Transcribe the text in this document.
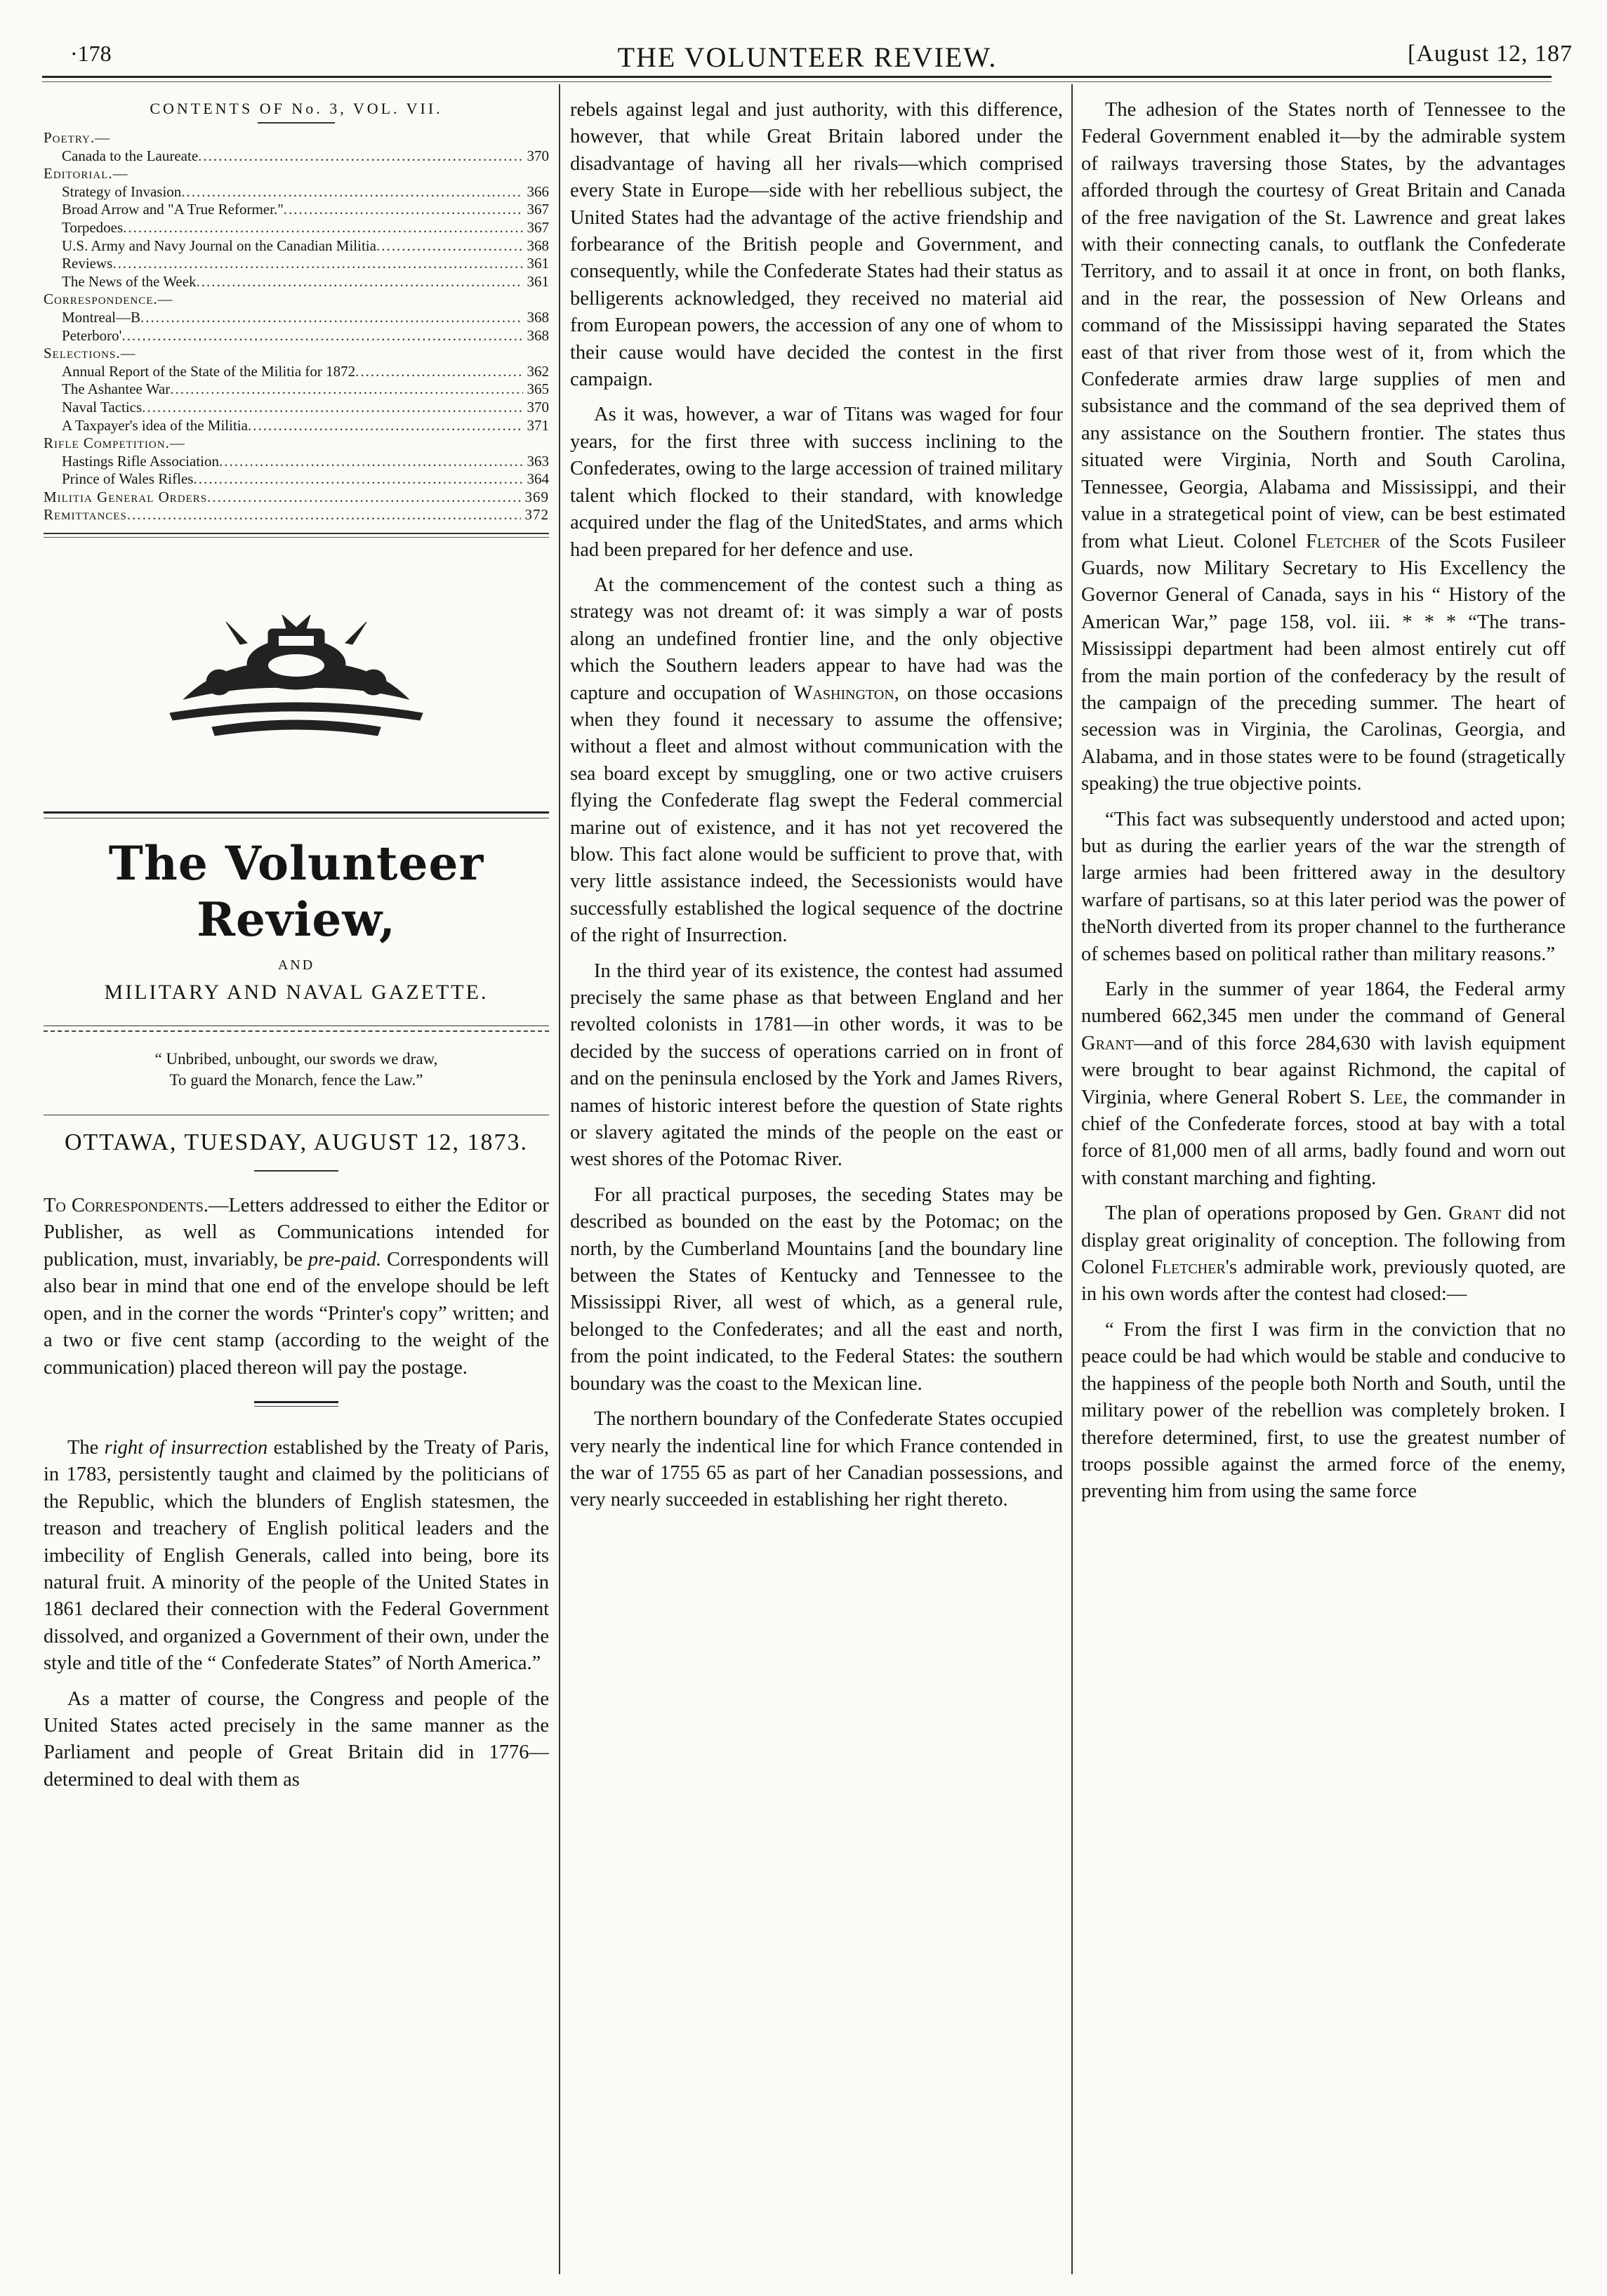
·178	THE VOLUNTEER REVIEW.	[August 12, 187
CONTENTS OF No. 3, VOL. VII.
Poetry.—
Canada to the Laureate .....	370
Editorial.—
Strategy of Invasion .....	366
Broad Arrow and "A True Reformer." .....	367
Torpedoes .....	367
U.S. Army and Navy Journal on the Canadian Militia .....	368
Reviews .....	361
The News of the Week .....	361
Correspondence.—
Montreal—B .....	368
Peterboro' .....	368
Selections.—
Annual Report of the State of the Militia for 1872 .....	362
The Ashantee War .....	365
Naval Tactics .....	370
A Taxpayer's idea of the Militia .....	371
Rifle Competition.—
Hastings Rifle Association .....	363
Prince of Wales Rifles .....	364
Militia General Orders .....	369
Remittances .....	372
The Volunteer Review,
AND
MILITARY AND NAVAL GAZETTE.
“ Unbribed, unbought, our swords we draw,
To guard the Monarch, fence the Law.”
OTTAWA, TUESDAY, AUGUST 12, 1873.

To Correspondents.—Letters addressed to either the Editor or Publisher, as well as Communications intended for publication, must, invariably, be pre-paid. Correspondents will also bear in mind that one end of the envelope should be left open, and in the corner the words “Printer's copy” written; and a two or five cent stamp (according to the weight of the communication) placed thereon will pay the postage.

The right of insurrection established by the Treaty of Paris, in 1783, persistently taught and claimed by the politicians of the Republic, which the blunders of English statesmen, the treason and treachery of English political leaders and the imbecility of English Generals, called into being, bore its natural fruit. A minority of the people of the United States in 1861 declared their connection with the Federal Government dissolved, and organized a Government of their own, under the style and title of the “ Confederate States” of North America.”

As a matter of course, the Congress and people of the United States acted precisely in the same manner as the Parliament and people of Great Britain did in 1776—determined to deal with them as

rebels against legal and just authority, with this difference, however, that while Great Britain labored under the disadvantage of having all her rivals—which comprised every State in Europe—side with her rebellious subject, the United States had the advantage of the active friendship and forbearance of the British people and Government, and consequently, while the Confederate States had their status as belligerents acknowledged, they received no material aid from European powers, the accession of any one of whom to their cause would have decided the contest in the first campaign.

As it was, however, a war of Titans was waged for four years, for the first three with success inclining to the Confederates, owing to the large accession of trained military talent which flocked to their standard, with knowledge acquired under the flag of the UnitedStates, and arms which had been prepared for her defence and use.

At the commencement of the contest such a thing as strategy was not dreamt of: it was simply a war of posts along an undefined frontier line, and the only objective which the Southern leaders appear to have had was the capture and occupation of Washington, on those occasions when they found it necessary to assume the offensive; without a fleet and almost without communication with the sea board except by smuggling, one or two active cruisers flying the Confederate flag swept the Federal commercial marine out of existence, and it has not yet recovered the blow. This fact alone would be sufficient to prove that, with very little assistance indeed, the Secessionists would have successfully established the logical sequence of the doctrine of the right of Insurrection.

In the third year of its existence, the contest had assumed precisely the same phase as that between England and her revolted colonists in 1781—in other words, it was to be decided by the success of operations carried on in front of and on the peninsula enclosed by the York and James Rivers, names of historic interest before the question of State rights or slavery agitated the minds of the people on the east or west shores of the Potomac River.

For all practical purposes, the seceding States may be described as bounded on the east by the Potomac; on the north, by the Cumberland Mountains [and the boundary line between the States of Kentucky and Tennessee to the Mississippi River, all west of which, as a general rule, belonged to the Confederates; and all the east and north, from the point indicated, to the Federal States: the southern boundary was the coast to the Mexican line.

The northern boundary of the Confederate States occupied very nearly the indentical line for which France contended in the war of 1755 65 as part of her Canadian possessions, and very nearly succeeded in establishing her right thereto.

The adhesion of the States north of Tennessee to the Federal Government enabled it—by the admirable system of railways traversing those States, by the advantages afforded through the courtesy of Great Britain and Canada of the free navigation of the St. Lawrence and great lakes with their connecting canals, to outflank the Confederate Territory, and to assail it at once in front, on both flanks, and in the rear, the possession of New Orleans and command of the Mississippi having separated the States east of that river from those west of it, from which the Confederate armies draw large supplies of men and subsistance and the command of the sea deprived them of any assistance on the Southern frontier. The states thus situated were Virginia, North and South Carolina, Tennessee, Georgia, Alabama and Mississippi, and their value in a strategetical point of view, can be best estimated from what Lieut. Colonel Fletcher of the Scots Fusileer Guards, now Military Secretary to His Excellency the Governor General of Canada, says in his “ History of the American War,” page 158, vol. iii. * * * “The trans-Mississippi department had been almost entirely cut off from the main portion of the confederacy by the result of the campaign of the preceding summer. The heart of secession was in Virginia, the Carolinas, Georgia, and Alabama, and in those states were to be found (stragetically speaking) the true objective points.

“This fact was subsequently understood and acted upon; but as during the earlier years of the war the strength of large armies had been frittered away in the desultory warfare of partisans, so at this later period was the power of theNorth diverted from its proper channel to the furtherance of schemes based on political rather than military reasons.”

Early in the summer of year 1864, the Federal army numbered 662,345 men under the command of General Grant—and of this force 284,630 with lavish equipment were brought to bear against Richmond, the capital of Virginia, where General Robert S. Lee, the commander in chief of the Confederate forces, stood at bay with a total force of 81,000 men of all arms, badly found and worn out with constant marching and fighting.

The plan of operations proposed by Gen. Grant did not display great originality of conception. The following from Colonel Fletcher's admirable work, previously quoted, are in his own words after the contest had closed:—

“ From the first I was firm in the conviction that no peace could be had which would be stable and conducive to the happiness of the people both North and South, until the military power of the rebellion was completely broken. I therefore determined, first, to use the greatest number of troops possible against the armed force of the enemy, preventing him from using the same force
